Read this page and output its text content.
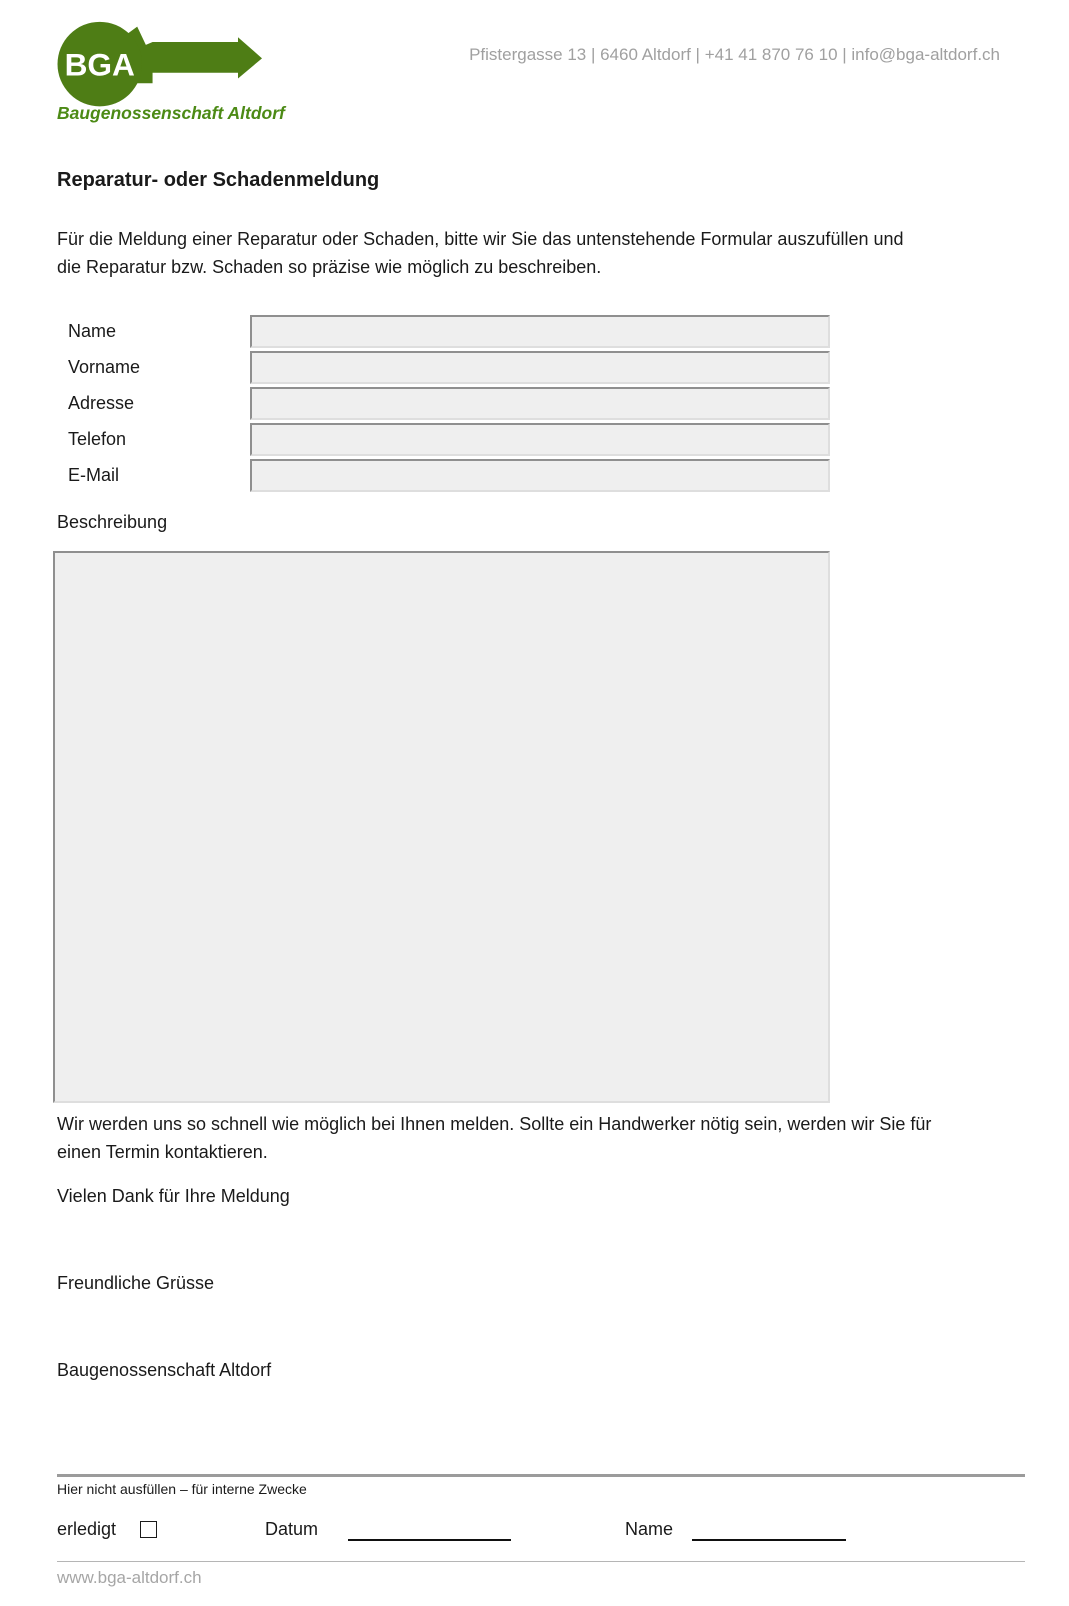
BGA
Baugenossenschaft Altdorf
Pfistergasse 13 | 6460 Altdorf | +41 41 870 76 10 | info@bga-altdorf.ch
Reparatur- oder Schadenmeldung

Für die Meldung einer Reparatur oder Schaden, bitte wir Sie das untenstehende Formular auszufüllen und die Reparatur bzw. Schaden so präzise wie möglich zu beschreiben.

Name
Vorname
Adresse
Telefon
E-Mail
Beschreibung

Wir werden uns so schnell wie möglich bei Ihnen melden. Sollte ein Handwerker nötig sein, werden wir Sie für einen Termin kontaktieren.

Vielen Dank für Ihre Meldung

Freundliche Grüsse

Baugenossenschaft Altdorf

Hier nicht ausfüllen – für interne Zwecke
erledigt	Datum	Name
www.bga-altdorf.ch
